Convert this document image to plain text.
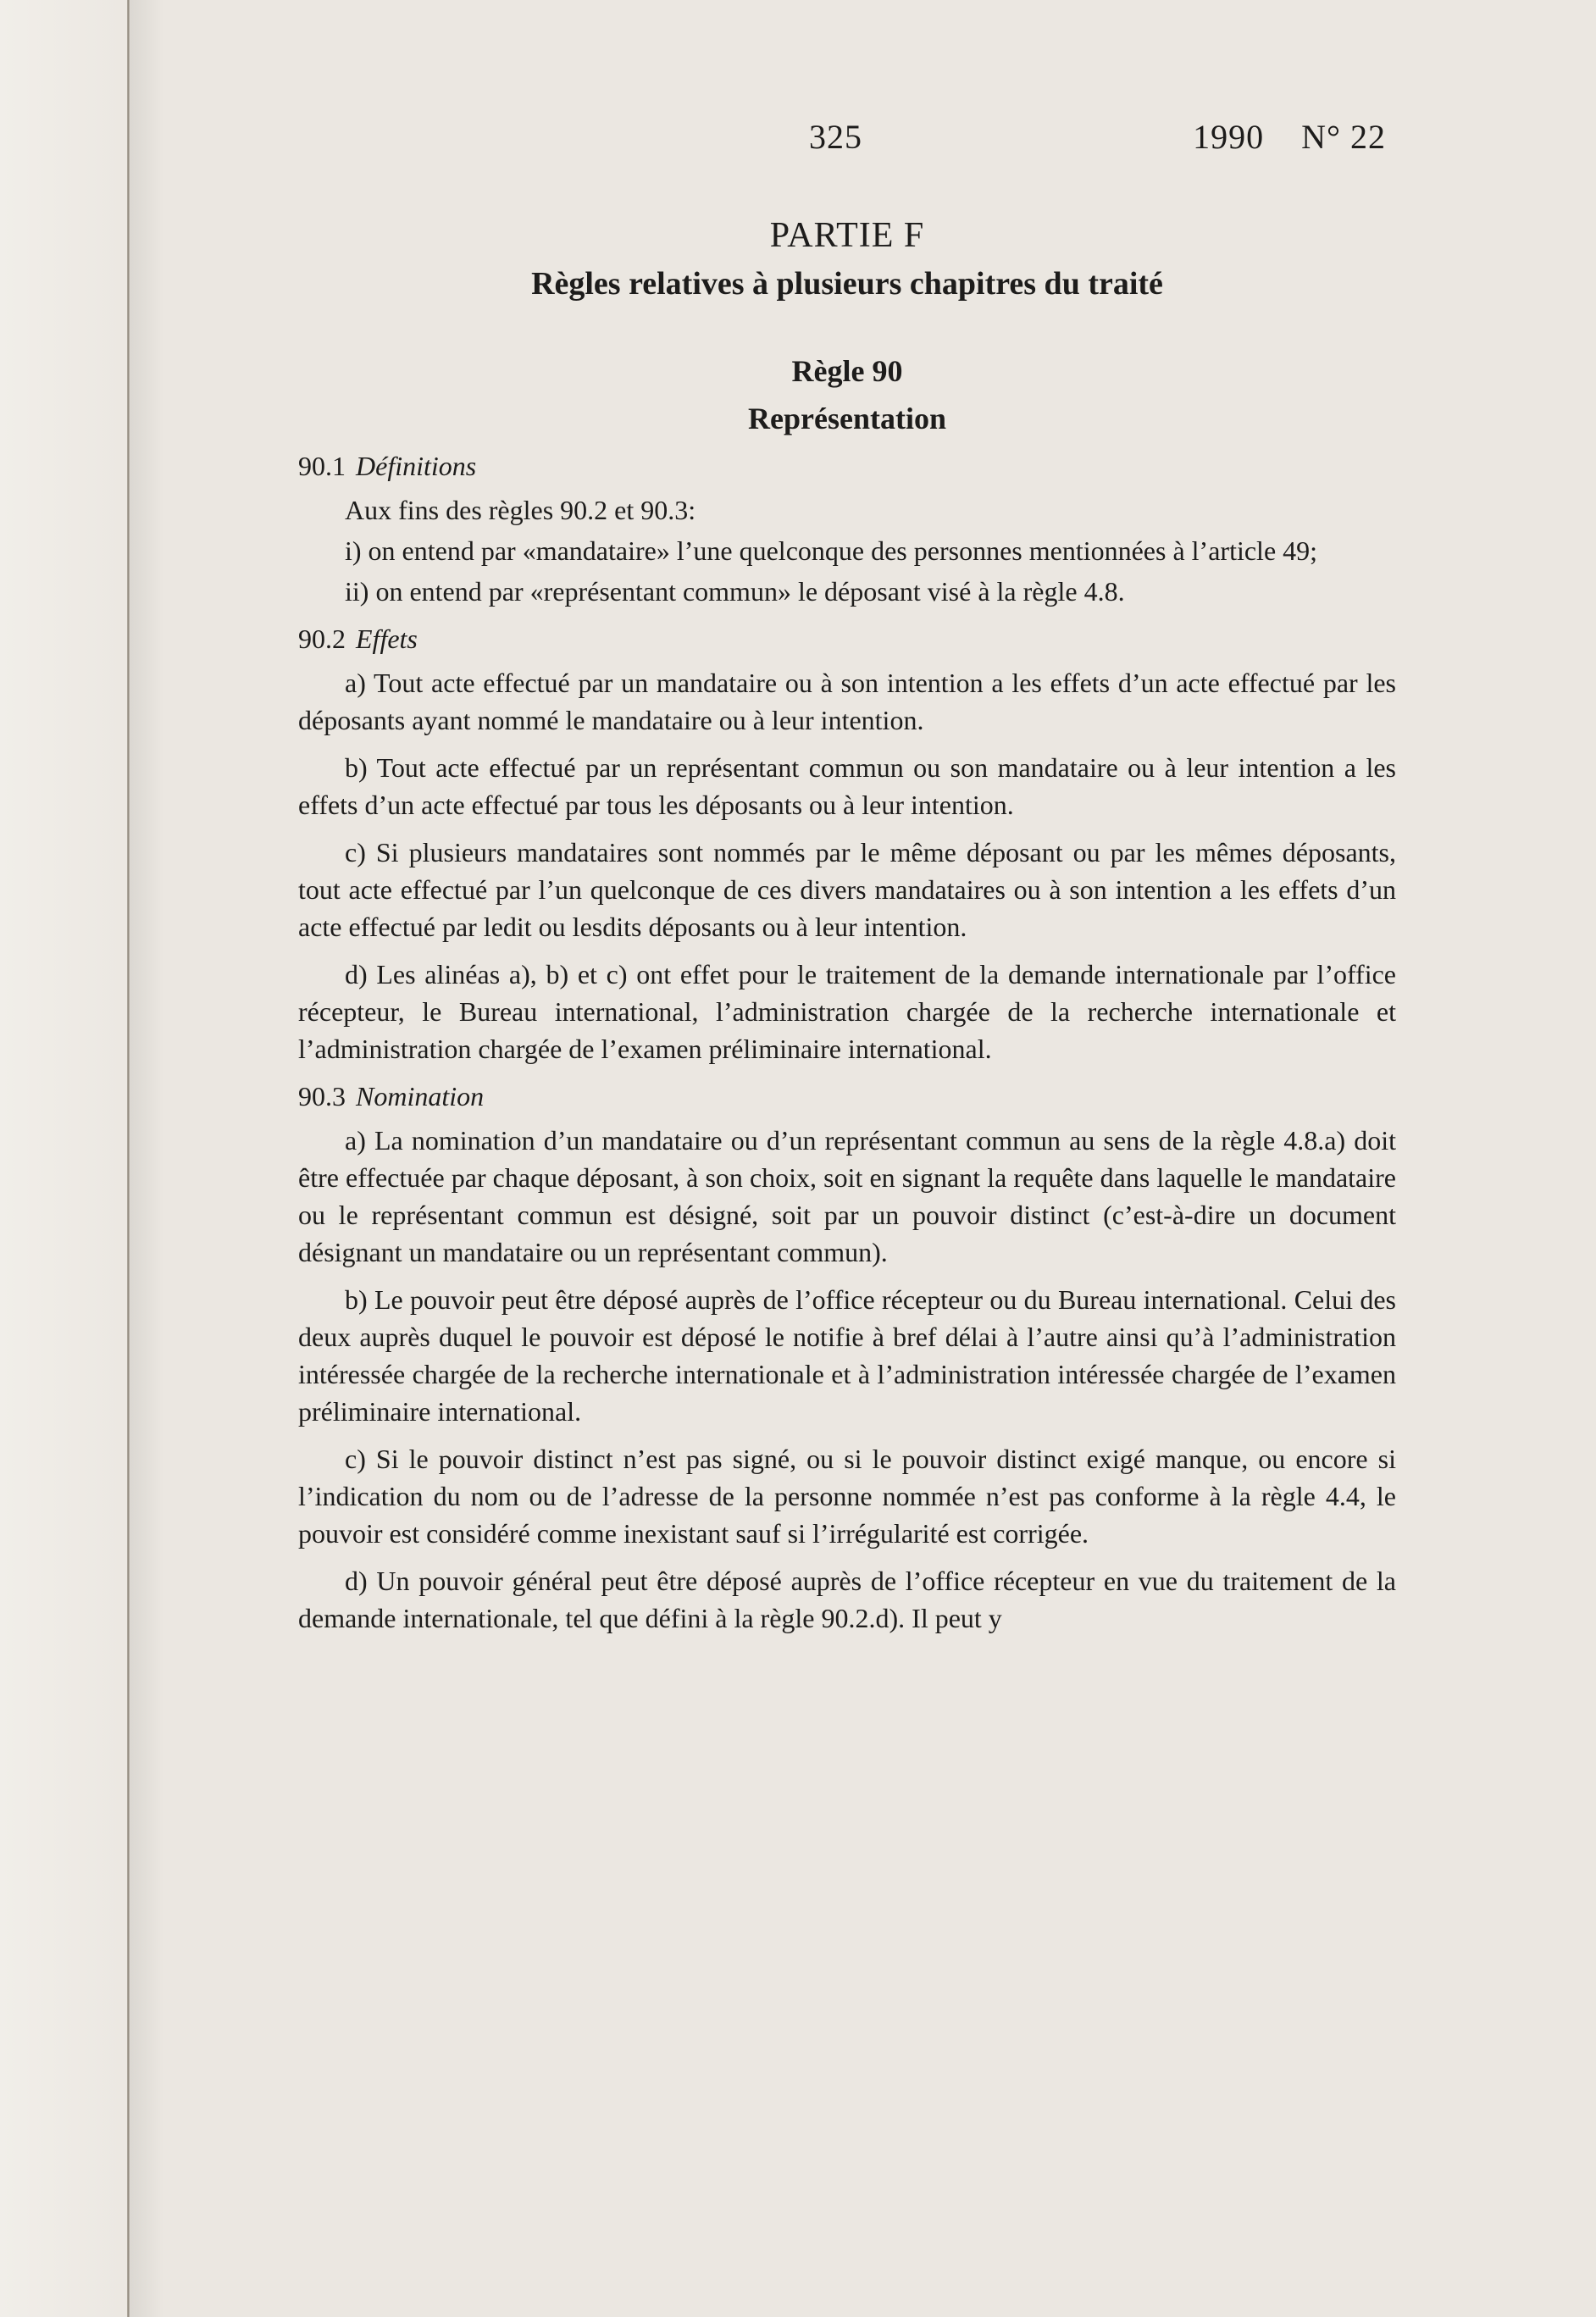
325	1990    N° 22
PARTIE F
Règles relatives à plusieurs chapitres du traité
Règle 90
Représentation
90.1 Définitions

Aux fins des règles 90.2 et 90.3:

i) on entend par «mandataire» l’une quelconque des personnes mentionnées à l’article 49;

ii) on entend par «représentant commun» le déposant visé à la règle 4.8.

90.2 Effets

a) Tout acte effectué par un mandataire ou à son intention a les effets d’un acte effectué par les déposants ayant nommé le mandataire ou à leur intention.

b) Tout acte effectué par un représentant commun ou son mandataire ou à leur intention a les effets d’un acte effectué par tous les déposants ou à leur intention.

c) Si plusieurs mandataires sont nommés par le même déposant ou par les mêmes déposants, tout acte effectué par l’un quelconque de ces divers mandataires ou à son intention a les effets d’un acte effectué par ledit ou lesdits déposants ou à leur intention.

d) Les alinéas a), b) et c) ont effet pour le traitement de la demande internationale par l’office récepteur, le Bureau international, l’administration chargée de la recherche internationale et l’administration chargée de l’examen préliminaire international.

90.3 Nomination

a) La nomination d’un mandataire ou d’un représentant commun au sens de la règle 4.8.a) doit être effectuée par chaque déposant, à son choix, soit en signant la requête dans laquelle le mandataire ou le représentant commun est désigné, soit par un pouvoir distinct (c’est-à-dire un document désignant un mandataire ou un représentant commun).

b) Le pouvoir peut être déposé auprès de l’office récepteur ou du Bureau international. Celui des deux auprès duquel le pouvoir est déposé le notifie à bref délai à l’autre ainsi qu’à l’administration intéressée chargée de la recherche internationale et à l’administration intéressée chargée de l’examen préliminaire international.

c) Si le pouvoir distinct n’est pas signé, ou si le pouvoir distinct exigé manque, ou encore si l’indication du nom ou de l’adresse de la personne nommée n’est pas conforme à la règle 4.4, le pouvoir est considéré comme inexistant sauf si l’irrégularité est corrigée.

d) Un pouvoir général peut être déposé auprès de l’office récepteur en vue du traitement de la demande internationale, tel que défini à la règle 90.2.d). Il peut y
